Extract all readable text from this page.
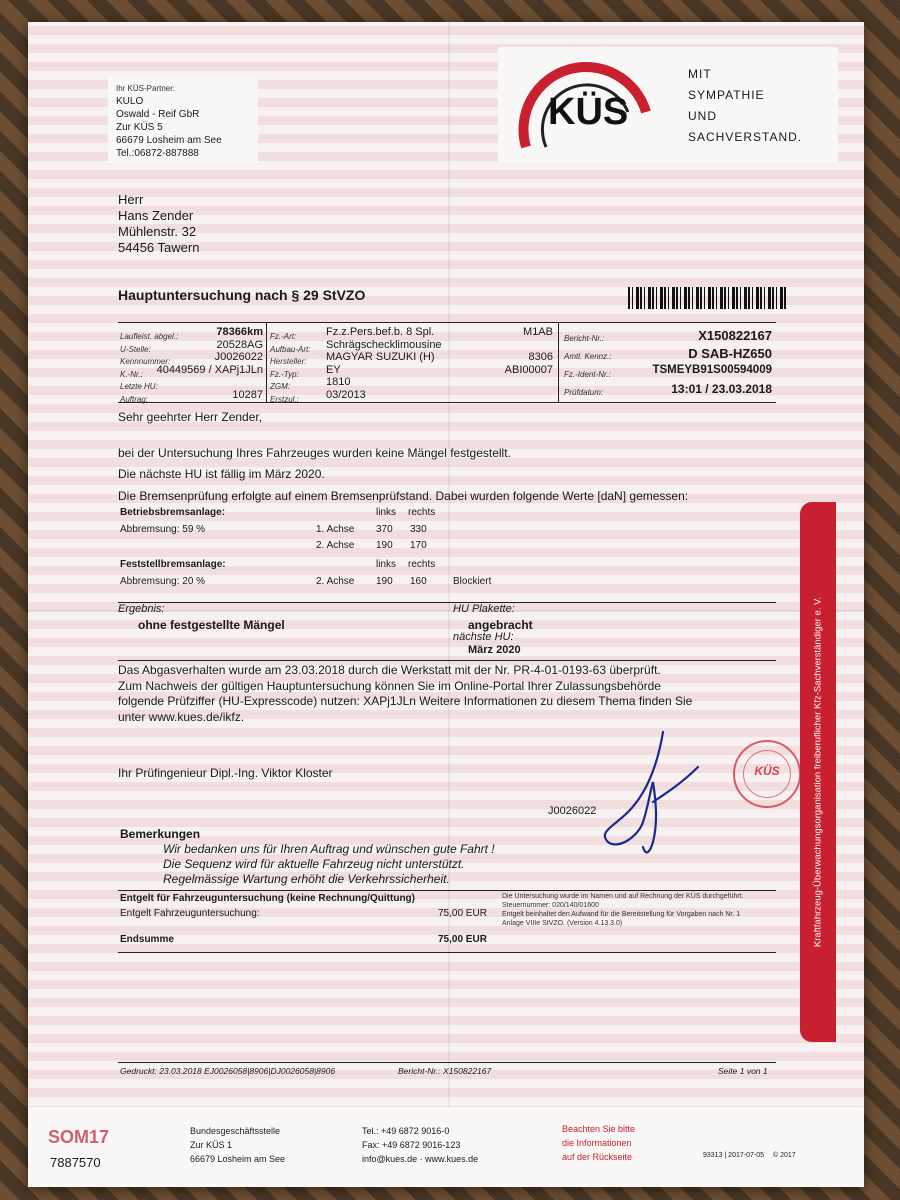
Ihr KÜS-Partner:
KULO
Oswald - Reif GbR
Zur KÜS 5
66679 Losheim am See
Tel.:06872-887888
KÜS
MIT
SYMPATHIE
UND
SACHVERSTAND.
Herr
Hans Zender
Mühlenstr. 32
54456 Tawern
Hauptuntersuchung nach § 29 StVZO
Laufleist. abgel.:	78366 km
U-Stelle:	20528AG
Kennnummer:	J0026022
K.-Nr.: 40449569 / XAPj1JLn
Letzte HU:
Auftrag:	10287
Fz.-Art:	Fz.z.Pers.bef.b. 8 Spl.	M1AB
Aufbau-Art: Schrägschecklimousine
Hersteller: MAGYAR SUZUKI (H)	8306
Fz.-Typ: EY	ABI00007
ZGM:	1810
Erstzul.: 03/2013
Bericht-Nr.:	X150822167
Amtl. Kennz.:	D SAB-HZ650
Fz.-Ident-Nr.:	TSMEYB91S00594009
Prüfdatum:	13:01 / 23.03.2018
Sehr geehrter Herr Zender,
bei der Untersuchung Ihres Fahrzeuges wurden keine Mängel festgestellt.
Die nächste HU ist fällig im März 2020.
Die Bremsenprüfung erfolgte auf einem Bremsenprüfstand. Dabei wurden folgende Werte [daN] gemessen:
Betriebsbremsanlage:	links rechts
Abbremsung: 59 %	1. Achse 370 330
2. Achse 190 170
Feststellbremsanlage:	links rechts
Abbremsung: 20 %	2. Achse 190 160	Blockiert
Ergebnis:
ohne festgestellte Mängel
HU Plakette:
angebracht
nächste HU:
März 2020
Das Abgasverhalten wurde am 23.03.2018 durch die Werkstatt mit der Nr. PR-4-01-0193-63 überprüft.
Zum Nachweis der gültigen Hauptuntersuchung können Sie im Online-Portal Ihrer Zulassungsbehörde
folgende Prüfziffer (HU-Expresscode) nutzen: XAPj1JLn Weitere Informationen zu diesem Thema finden Sie
unter www.kues.de/ikfz.
Ihr Prüfingenieur Dipl.-Ing. Viktor Kloster
J0026022
KÜS
Bemerkungen
Wir bedanken uns für Ihren Auftrag und wünschen gute Fahrt !
Die Sequenz wird für aktuelle Fahrzeug nicht unterstützt.
Regelmässige Wartung erhöht die Verkehrssicherheit.
Entgelt für Fahrzeuguntersuchung (keine Rechnung/Quittung)
Entgelt Fahrzeuguntersuchung:	75,00 EUR
Endsumme	75,00 EUR
Die Untersuchung wurde im Namen und auf Rechnung der KÜS durchgeführt.
Steuernummer: 020/140/01600
Entgelt beinhaltet den Aufwand für die Bereitstellung für Vorgaben nach Nr. 1
Anlage VIIIe StVZO. (Version 4.13.3.0)
Gedruckt: 23.03.2018 EJ0026058|8906|DJ0026058|8906	Bericht-Nr.: X150822167	Seite 1 von 1
SOM17
7887570
Bundesgeschäftsstelle
Zur KÜS 1
66679 Losheim am See
Tel.: +49 6872 9016-0
Fax: +49 6872 9016-123
info@kues.de · www.kues.de
Beachten Sie bitte
die Informationen
auf der Rückseite	93313 | 2017-07-05 © 2017
Kraftfahrzeug-Überwachungsorganisation freiberuflicher Kfz-Sachverständiger e. V.
